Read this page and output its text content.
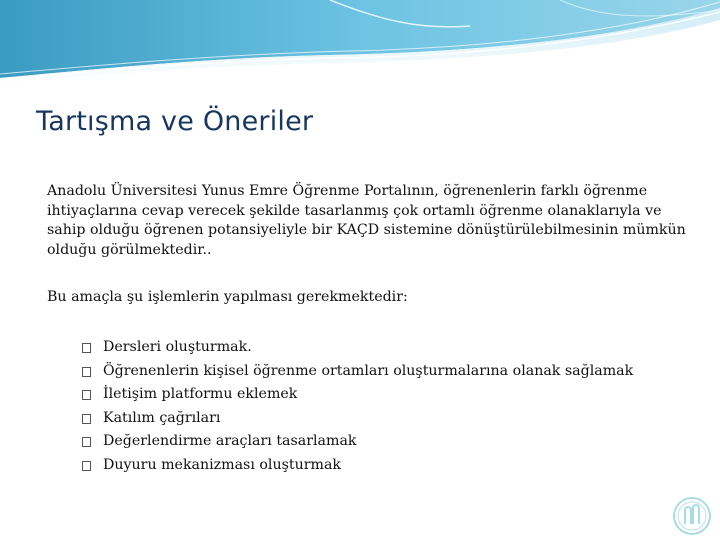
Tartışma ve Öneriler

Anadolu Üniversitesi Yunus Emre Öğrenme Portalının, öğrenenlerin farklı öğrenme ihtiyaçlarına cevap verecek şekilde tasarlanmış çok ortamlı öğrenme olanaklarıyla ve sahip olduğu öğrenen potansiyeliyle bir KAÇD sistemine dönüştürülebilmesinin mümkün olduğu görülmektedir..

Bu amaçla şu işlemlerin yapılması gerekmektedir:

Dersleri oluşturmak.
Öğrenenlerin kişisel öğrenme ortamları oluşturmalarına olanak sağlamak
İletişim platformu eklemek
Katılım çağrıları
Değerlendirme araçları tasarlamak
Duyuru mekanizması oluşturmak
